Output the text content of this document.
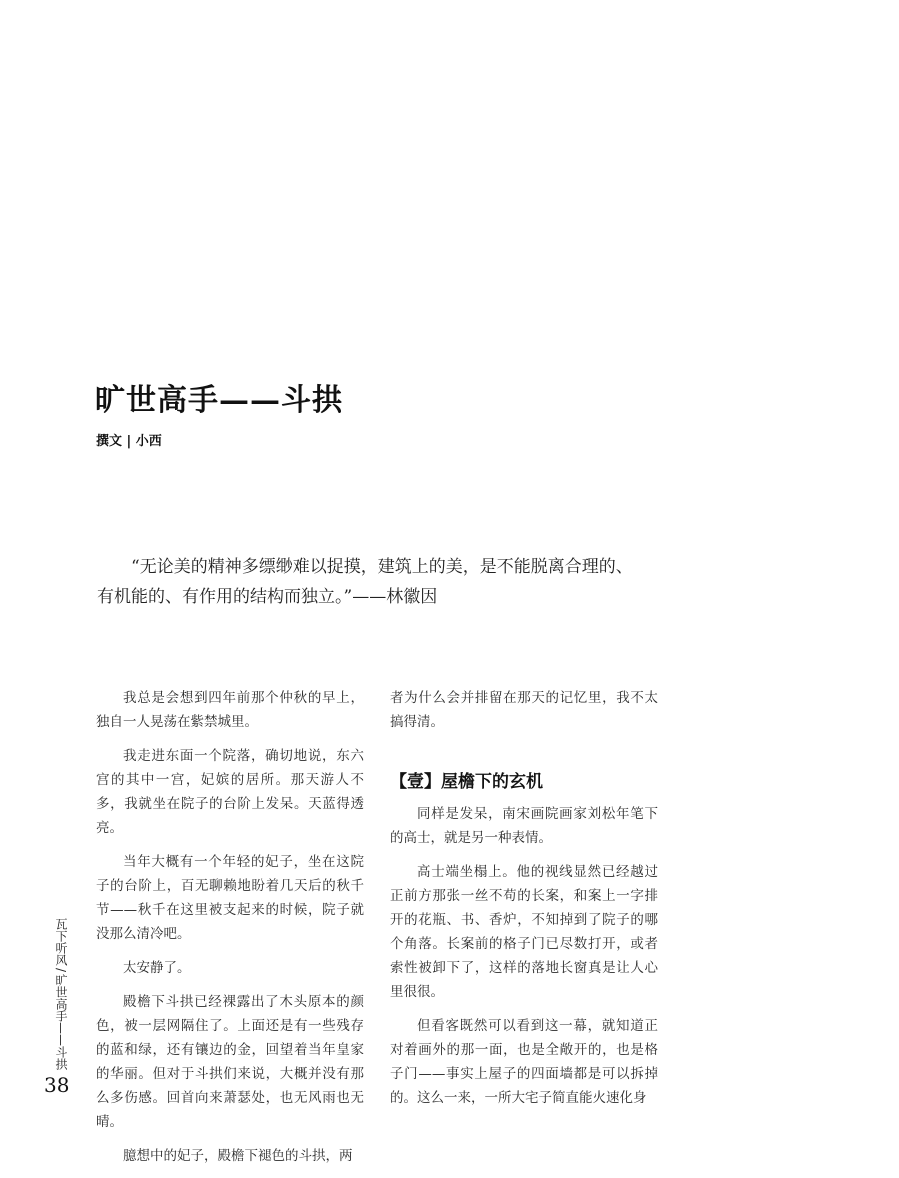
旷世高手——斗拱
撰文 | 小西

“无论美的精神多缥缈难以捉摸，建筑上的美，是不能脱离合理的、

有机能的、有作用的结构而独立。”——林徽因

我总是会想到四年前那个仲秋的早上，独自一人晃荡在紫禁城里。

我走进东面一个院落，确切地说，东六宫的其中一宫，妃嫔的居所。那天游人不多，我就坐在院子的台阶上发呆。天蓝得透亮。

当年大概有一个年轻的妃子，坐在这院子的台阶上，百无聊赖地盼着几天后的秋千节——秋千在这里被支起来的时候，院子就没那么清冷吧。

太安静了。

殿檐下斗拱已经裸露出了木头原本的颜色，被一层网隔住了。上面还是有一些残存的蓝和绿，还有镶边的金，回望着当年皇家的华丽。但对于斗拱们来说，大概并没有那么多伤感。回首向来萧瑟处，也无风雨也无晴。

臆想中的妃子，殿檐下褪色的斗拱，两

者为什么会并排留在那天的记忆里，我不太搞得清。

【壹】屋檐下的玄机

同样是发呆，南宋画院画家刘松年笔下的高士，就是另一种表情。

高士端坐榻上。他的视线显然已经越过正前方那张一丝不苟的长案，和案上一字排开的花瓶、书、香炉，不知掉到了院子的哪个角落。长案前的格子门已尽数打开，或者索性被卸下了，这样的落地长窗真是让人心里很很。

但看客既然可以看到这一幕，就知道正对着画外的那一面，也是全敞开的，也是格子门——事实上屋子的四面墙都是可以拆掉的。这么一来，一所大宅子简直能火速化身

瓦下听风/旷世高手——斗拱
38
